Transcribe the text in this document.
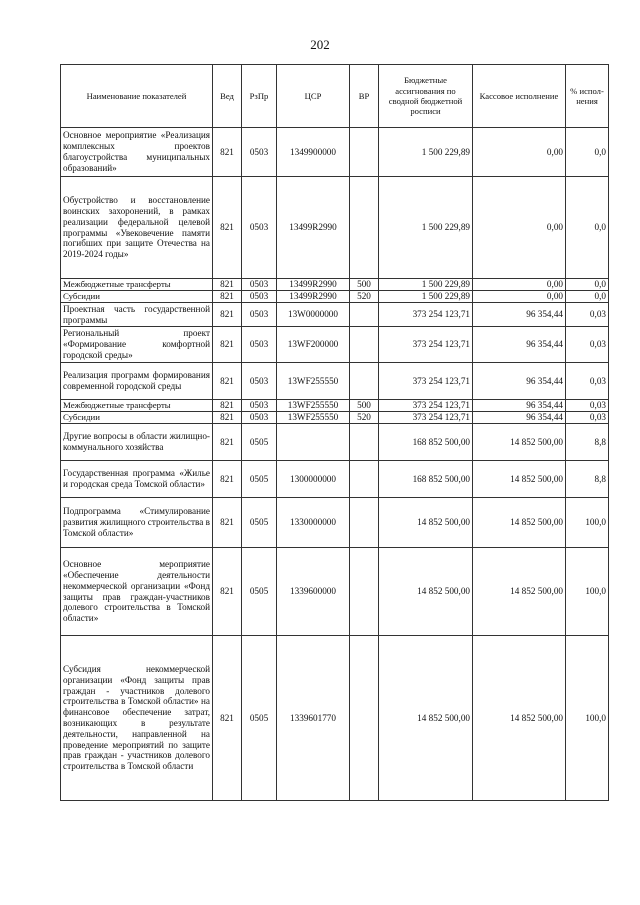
202
Наименование показателей	Вед	РзПр	ЦСР	ВР	Бюджетные ассигнования по сводной бюджетной росписи	Кассовое исполнение	% испол-нения
Основное мероприятие «Реализация комплексных проектов благоустройства муниципальных образований»	821	0503	1349900000		1 500 229,89	0,00	0,0
Обустройство и восстановление воинских захоронений, в рамках реализации федеральной целевой программы «Увековечение памяти погибших при защите Отечества на 2019-2024 годы»	821	0503	13499R2990		1 500 229,89	0,00	0,0
Межбюджетные трансферты	821	0503	13499R2990	500	1 500 229,89	0,00	0,0
Субсидии	821	0503	13499R2990	520	1 500 229,89	0,00	0,0
Проектная часть государственной программы	821	0503	13W0000000		373 254 123,71	96 354,44	0,03
Региональный проект «Формирование комфортной городской среды»	821	0503	13WF200000		373 254 123,71	96 354,44	0,03
Реализация программ формирования современной городской среды	821	0503	13WF255550		373 254 123,71	96 354,44	0,03
Межбюджетные трансферты	821	0503	13WF255550	500	373 254 123,71	96 354,44	0,03
Субсидии	821	0503	13WF255550	520	373 254 123,71	96 354,44	0,03
Другие вопросы в области жилищно-коммунального хозяйства	821	0505			168 852 500,00	14 852 500,00	8,8
Государственная программа «Жилье и городская среда Томской области»	821	0505	1300000000		168 852 500,00	14 852 500,00	8,8
Подпрограмма «Стимулирование развития жилищного строительства в Томской области»	821	0505	1330000000		14 852 500,00	14 852 500,00	100,0
Основное мероприятие «Обеспечение деятельности некоммерческой организации «Фонд защиты прав граждан-участников долевого строительства в Томской области»	821	0505	1339600000		14 852 500,00	14 852 500,00	100,0
Субсидия некоммерческой организации «Фонд защиты прав граждан - участников долевого строительства в Томской области» на финансовое обеспечение затрат, возникающих в результате деятельности, направленной на проведение мероприятий по защите прав граждан - участников долевого строительства в Томской области	821	0505	1339601770		14 852 500,00	14 852 500,00	100,0
